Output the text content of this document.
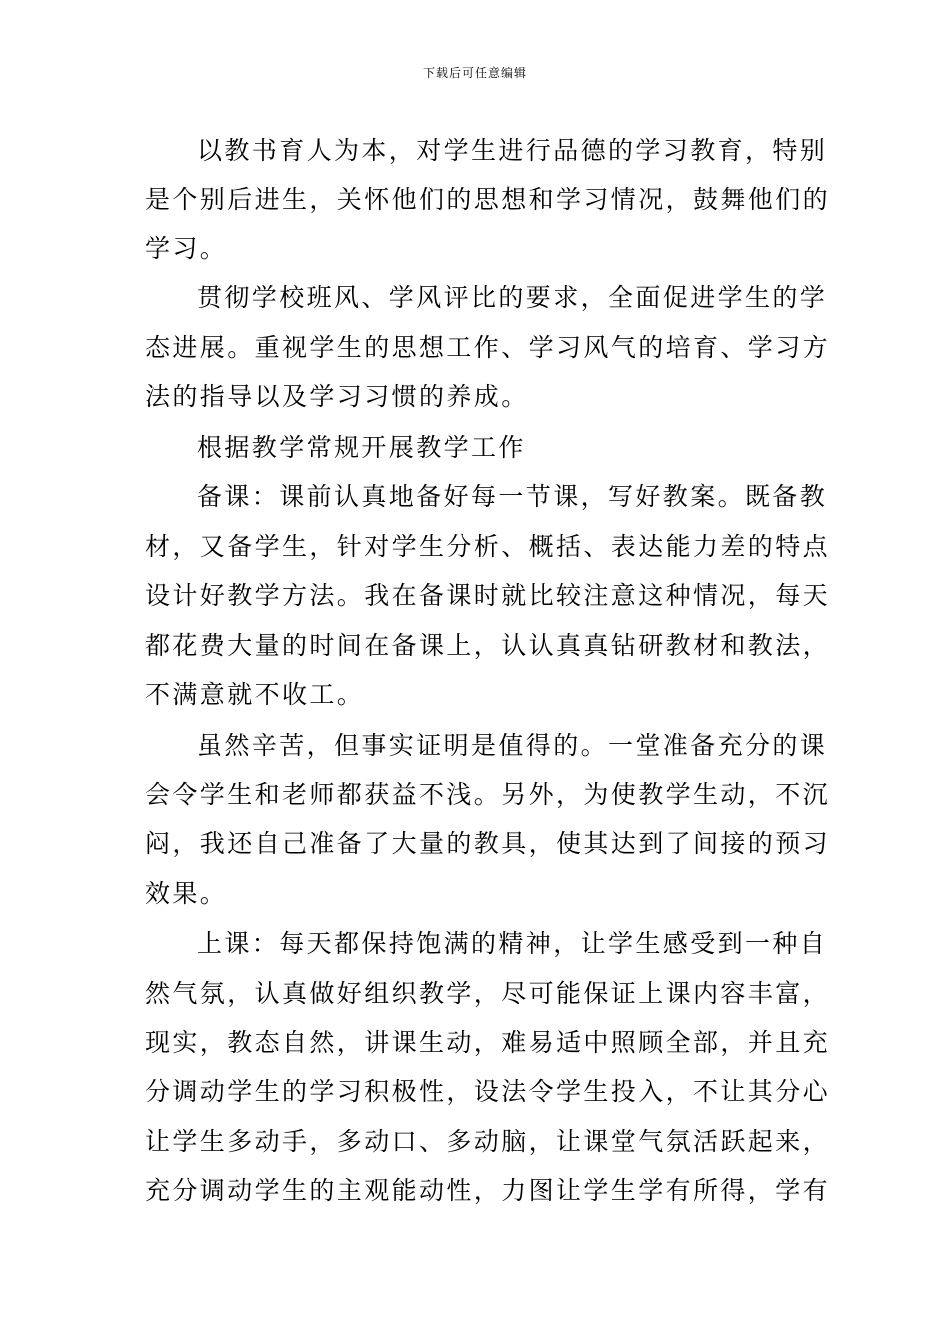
下载后可任意编辑
以教书育人为本，对学生进行品德的学习教育，特别
是个别后进生，关怀他们的思想和学习情况，鼓舞他们的
学习。
贯彻学校班风、学风评比的要求，全面促进学生的学
态进展。重视学生的思想工作、学习风气的培育、学习方
法的指导以及学习习惯的养成。
根据教学常规开展教学工作
备课：课前认真地备好每一节课，写好教案。既备教
材，又备学生，针对学生分析、概括、表达能力差的特点
设计好教学方法。我在备课时就比较注意这种情况，每天
都花费大量的时间在备课上，认认真真钻研教材和教法，
不满意就不收工。
虽然辛苦，但事实证明是值得的。一堂准备充分的课
会令学生和老师都获益不浅。另外，为使教学生动，不沉
闷，我还自己准备了大量的教具，使其达到了间接的预习
效果。
上课：每天都保持饱满的精神，让学生感受到一种自
然气氛，认真做好组织教学，尽可能保证上课内容丰富，
现实，教态自然，讲课生动，难易适中照顾全部，并且充
分调动学生的学习积极性，设法令学生投入，不让其分心
让学生多动手，多动口、多动脑，让课堂气氛活跃起来，
充分调动学生的主观能动性，力图让学生学有所得，学有
